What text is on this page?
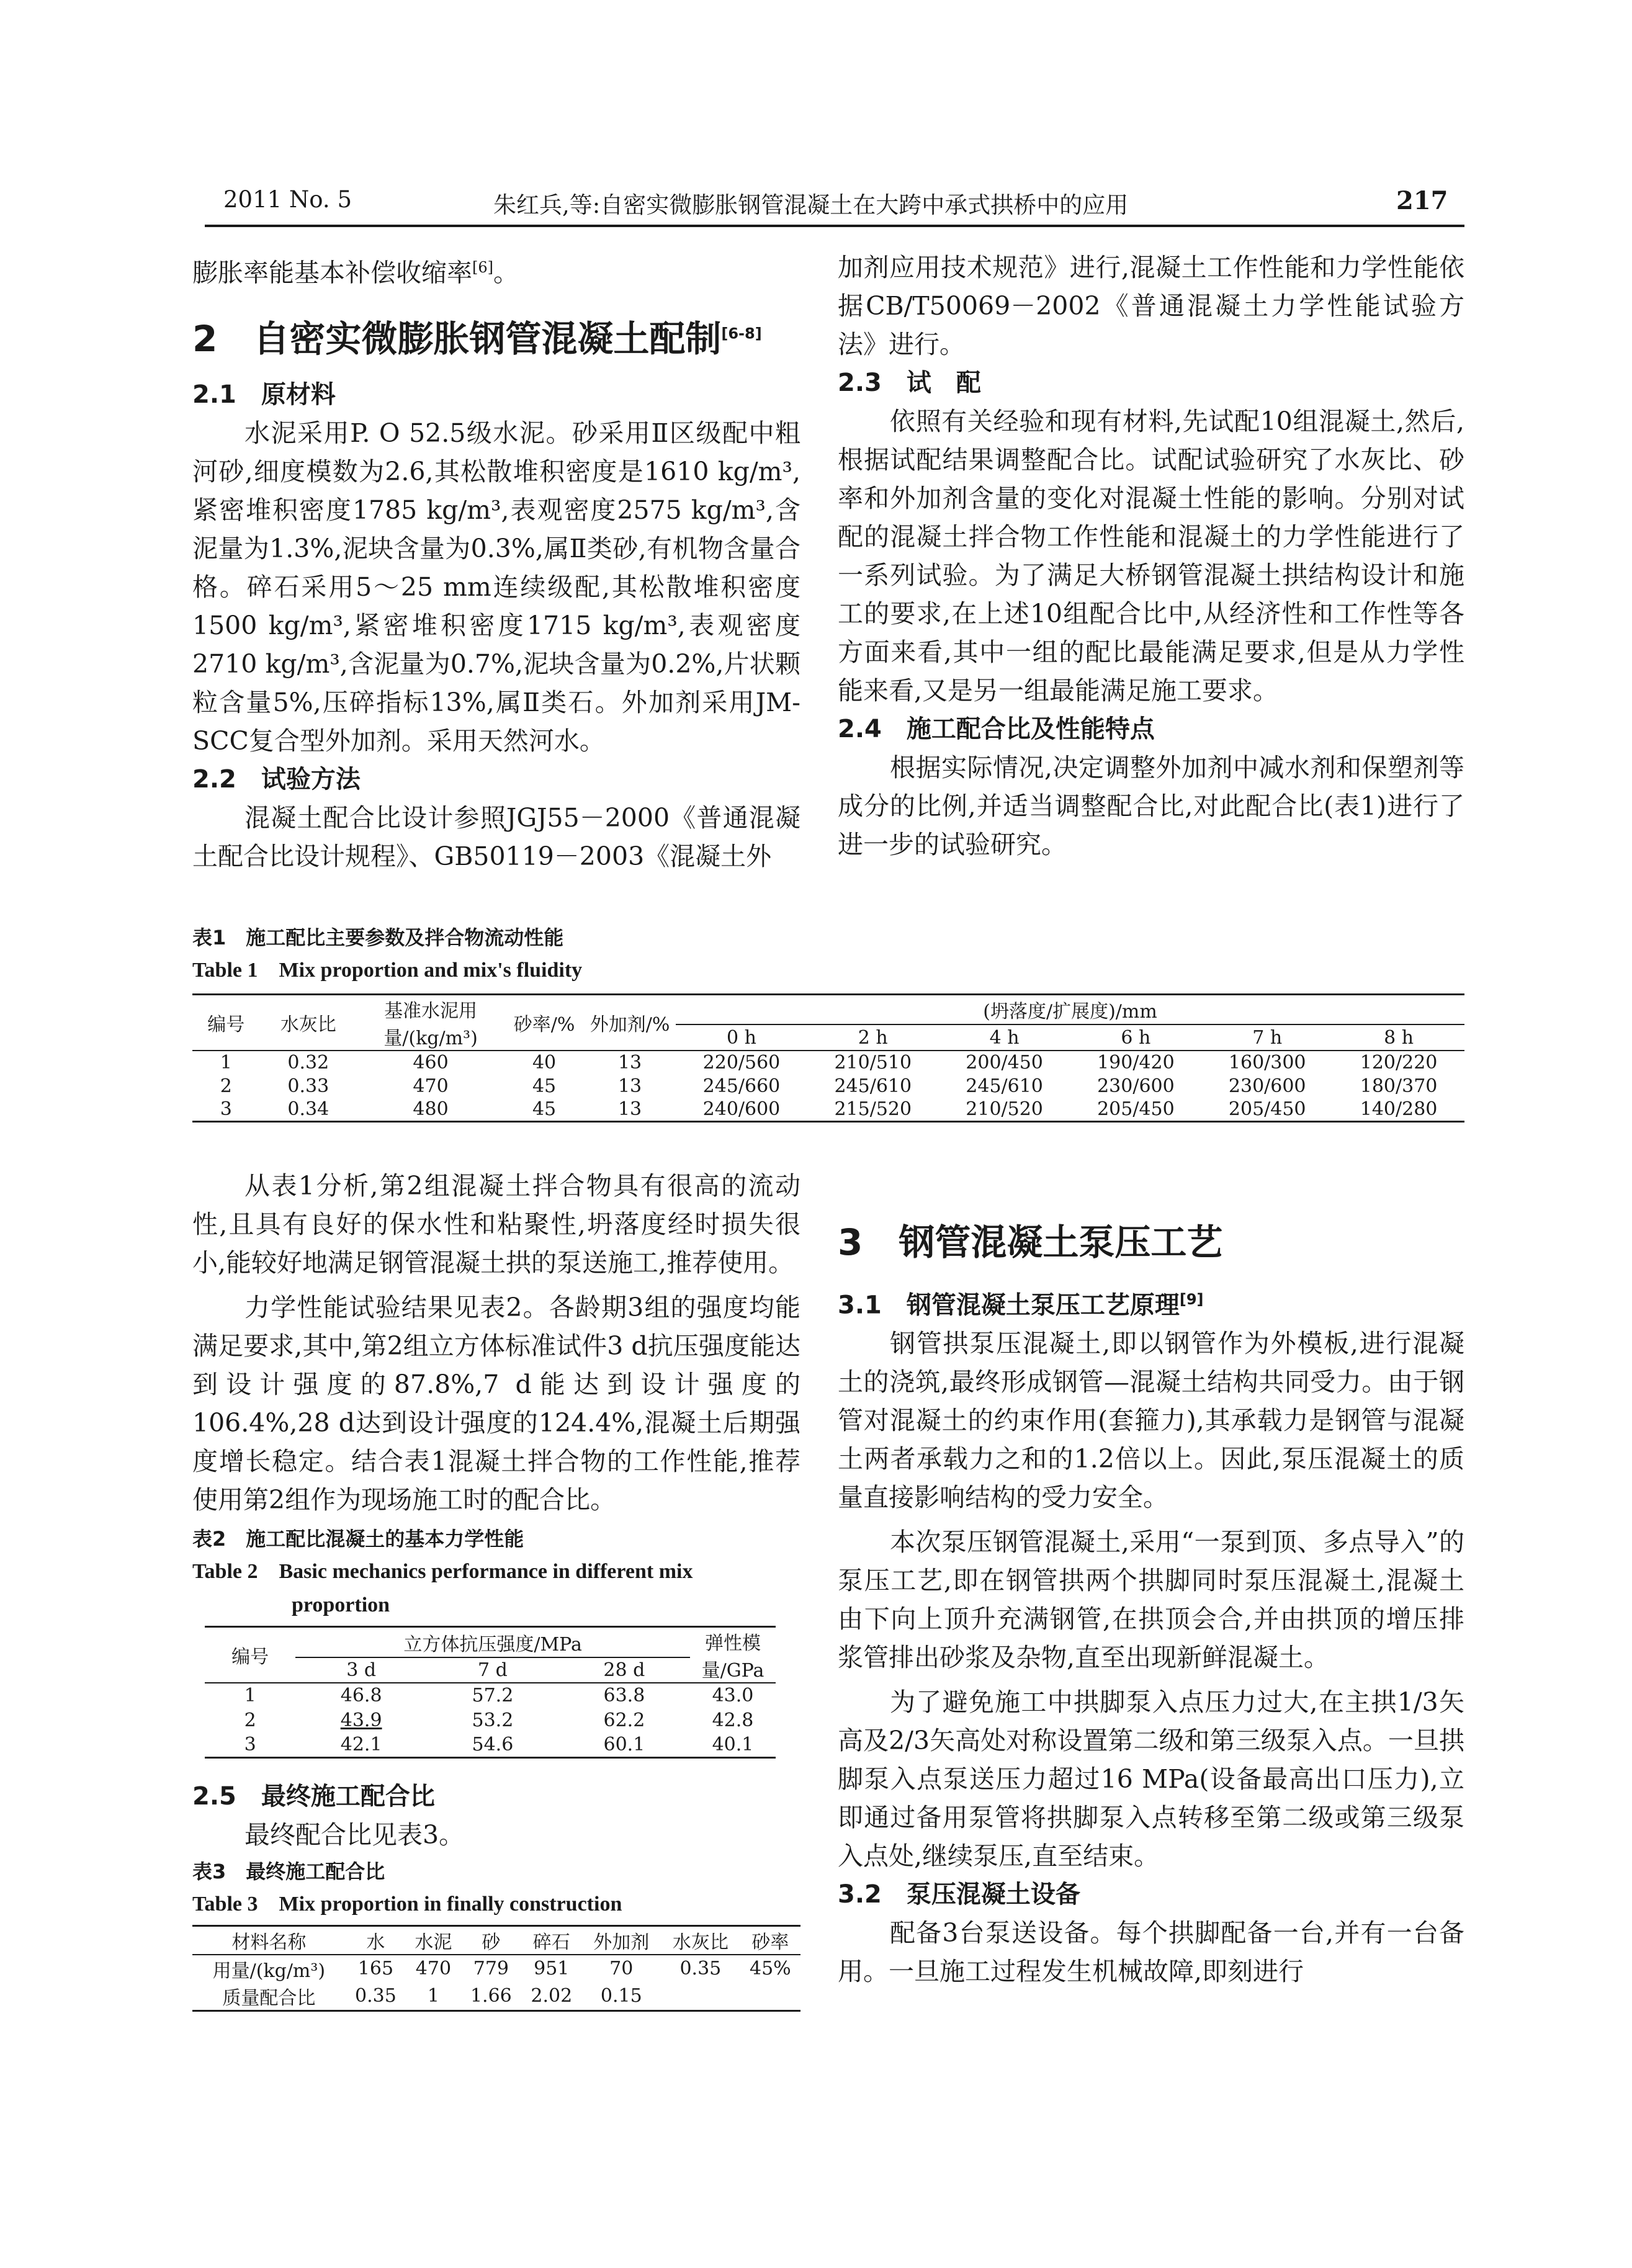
2011 No. 5	朱红兵,等:自密实微膨胀钢管混凝土在大跨中承式拱桥中的应用	217

膨胀率能基本补偿收缩率[6]。

2　自密实微膨胀钢管混凝土配制[6-8]

2.1　原材料

水泥采用P. O 52.5级水泥。砂采用Ⅱ区级配中粗河砂,细度模数为2.6,其松散堆积密度是1610 kg/m³,紧密堆积密度1785 kg/m³,表观密度2575 kg/m³,含泥量为1.3%,泥块含量为0.3%,属Ⅱ类砂,有机物含量合格。碎石采用5～25 mm连续级配,其松散堆积密度1500 kg/m³,紧密堆积密度1715 kg/m³,表观密度2710 kg/m³,含泥量为0.7%,泥块含量为0.2%,片状颗粒含量5%,压碎指标13%,属Ⅱ类石。外加剂采用JM-SCC复合型外加剂。采用天然河水。

2.2　试验方法

混凝土配合比设计参照JGJ55－2000《普通混凝土配合比设计规程》、GB50119－2003《混凝土外

加剂应用技术规范》进行,混凝土工作性能和力学性能依据CB/T50069－2002《普通混凝土力学性能试验方法》进行。

2.3　试　配

依照有关经验和现有材料,先试配10组混凝土,然后,根据试配结果调整配合比。试配试验研究了水灰比、砂率和外加剂含量的变化对混凝土性能的影响。分别对试配的混凝土拌合物工作性能和混凝土的力学性能进行了一系列试验。为了满足大桥钢管混凝土拱结构设计和施工的要求,在上述10组配合比中,从经济性和工作性等各方面来看,其中一组的配比最能满足要求,但是从力学性能来看,又是另一组最能满足施工要求。

2.4　施工配合比及性能特点

根据实际情况,决定调整外加剂中减水剂和保塑剂等成分的比例,并适当调整配合比,对此配合比(表1)进行了进一步的试验研究。

表1　施工配比主要参数及拌合物流动性能

Table 1　Mix proportion and mix's fluidity

编号	水灰比	基准水泥用量/(kg/m³)	砂率/%	外加剂/%	(坍落度/扩展度)/mm					
					0 h	2 h	4 h	6 h	7 h	8 h
1	0.32	460	40	13	220/560	210/510	200/450	190/420	160/300	120/220
2	0.33	470	45	13	245/660	245/610	245/610	230/600	230/600	180/370
3	0.34	480	45	13	240/600	215/520	210/520	205/450	205/450	140/280

从表1分析,第2组混凝土拌合物具有很高的流动性,且具有良好的保水性和粘聚性,坍落度经时损失很小,能较好地满足钢管混凝土拱的泵送施工,推荐使用。

力学性能试验结果见表2。各龄期3组的强度均能满足要求,其中,第2组立方体标准试件3 d抗压强度能达到设计强度的87.8%,7 d能达到设计强度的106.4%,28 d达到设计强度的124.4%,混凝土后期强度增长稳定。结合表1混凝土拌合物的工作性能,推荐使用第2组作为现场施工时的配合比。

表2　施工配比混凝土的基本力学性能

Table 2　Basic mechanics performance in different mix

proportion

编号	立方体抗压强度/MPa			弹性模量/GPa
	3 d	7 d	28 d	
1	46.8	57.2	63.8	43.0
2	43.9	53.2	62.2	42.8
3	42.1	54.6	60.1	40.1

2.5　最终施工配合比

最终配合比见表3。

表3　最终施工配合比

Table 3　Mix proportion in finally construction

材料名称	水	水泥	砂	碎石	外加剂	水灰比	砂率
用量/(kg/m³)	165	470	779	951	70	0.35	45%
质量配合比	0.35	1	1.66	2.02	0.15		

3　钢管混凝土泵压工艺

3.1　钢管混凝土泵压工艺原理[9]

钢管拱泵压混凝土,即以钢管作为外模板,进行混凝土的浇筑,最终形成钢管—混凝土结构共同受力。由于钢管对混凝土的约束作用(套箍力),其承载力是钢管与混凝土两者承载力之和的1.2倍以上。因此,泵压混凝土的质量直接影响结构的受力安全。

本次泵压钢管混凝土,采用“一泵到顶、多点导入”的泵压工艺,即在钢管拱两个拱脚同时泵压混凝土,混凝土由下向上顶升充满钢管,在拱顶会合,并由拱顶的增压排浆管排出砂浆及杂物,直至出现新鲜混凝土。

为了避免施工中拱脚泵入点压力过大,在主拱1/3矢高及2/3矢高处对称设置第二级和第三级泵入点。一旦拱脚泵入点泵送压力超过16 MPa(设备最高出口压力),立即通过备用泵管将拱脚泵入点转移至第二级或第三级泵入点处,继续泵压,直至结束。

3.2　泵压混凝土设备

配备3台泵送设备。每个拱脚配备一台,并有一台备用。一旦施工过程发生机械故障,即刻进行
